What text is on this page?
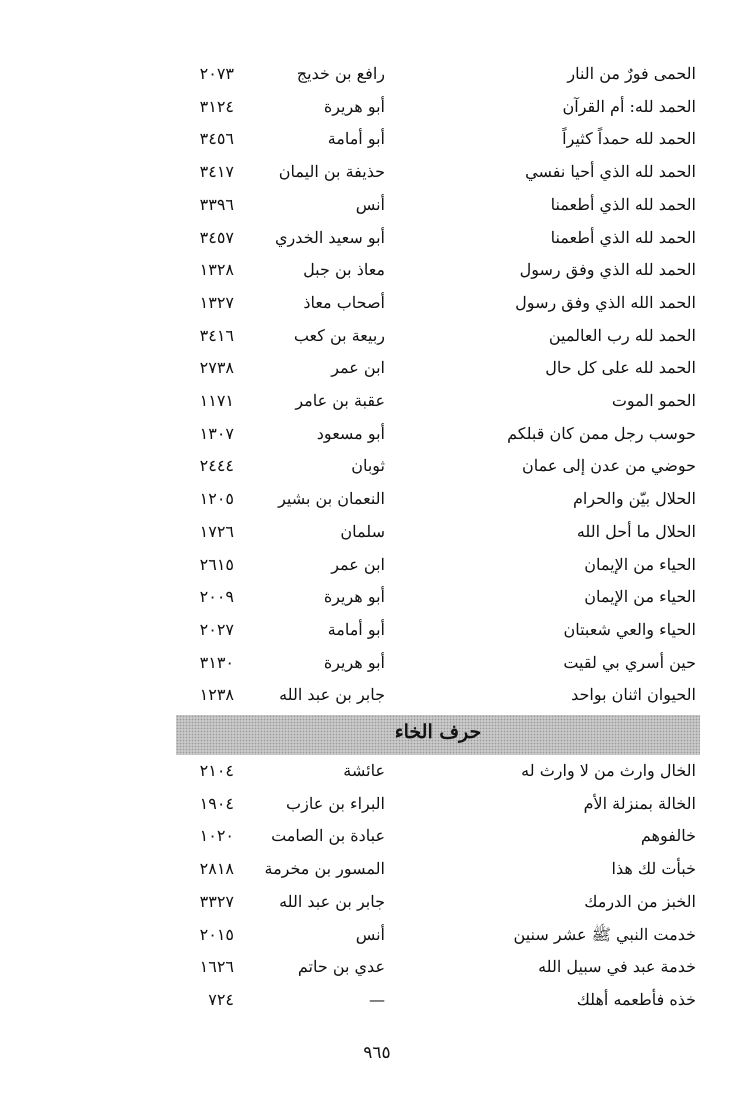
الحمى فورٌ من النار
رافع بن خديج
٢٠٧٣
الحمد لله: أم القرآن
أبو هريرة
٣١٢٤
الحمد لله حمداً كثيراً
أبو أمامة
٣٤٥٦
الحمد لله الذي أحيا نفسي
حذيفة بن اليمان
٣٤١٧
الحمد لله الذي أطعمنا
أنس
٣٣٩٦
الحمد لله الذي أطعمنا
أبو سعيد الخدري
٣٤٥٧
الحمد لله الذي وفق رسول
معاذ بن جبل
١٣٢٨
الحمد الله الذي وفق رسول
أصحاب معاذ
١٣٢٧
الحمد لله رب العالمين
ربيعة بن كعب
٣٤١٦
الحمد لله على كل حال
ابن عمر
٢٧٣٨
الحمو الموت
عقبة بن عامر
١١٧١
حوسب رجل ممن كان قبلكم
أبو مسعود
١٣٠٧
حوضي من عدن إلى عمان
ثوبان
٢٤٤٤
الحلال بيّن والحرام
النعمان بن بشير
١٢٠٥
الحلال ما أحل الله
سلمان
١٧٢٦
الحياء من الإيمان
ابن عمر
٢٦١٥
الحياء من الإيمان
أبو هريرة
٢٠٠٩
الحياء والعي شعبتان
أبو أمامة
٢٠٢٧
حين أسري بي لقيت
أبو هريرة
٣١٣٠
الحيوان اثنان بواحد
جابر بن عبد الله
١٢٣٨
حرف الخاء
الخال وارث من لا وارث له
عائشة
٢١٠٤
الخالة بمنزلة الأم
البراء بن عازب
١٩٠٤
خالفوهم
عبادة بن الصامت
١٠٢٠
خبأت لك هذا
المسور بن مخرمة
٢٨١٨
الخبز من الدرمك
جابر بن عبد الله
٣٣٢٧
خدمت النبي ﷺ عشر سنين
أنس
٢٠١٥
خدمة عبد في سبيل الله
عدي بن حاتم
١٦٢٦
خذه فأطعمه أهلك
—
٧٢٤
٩٦٥
